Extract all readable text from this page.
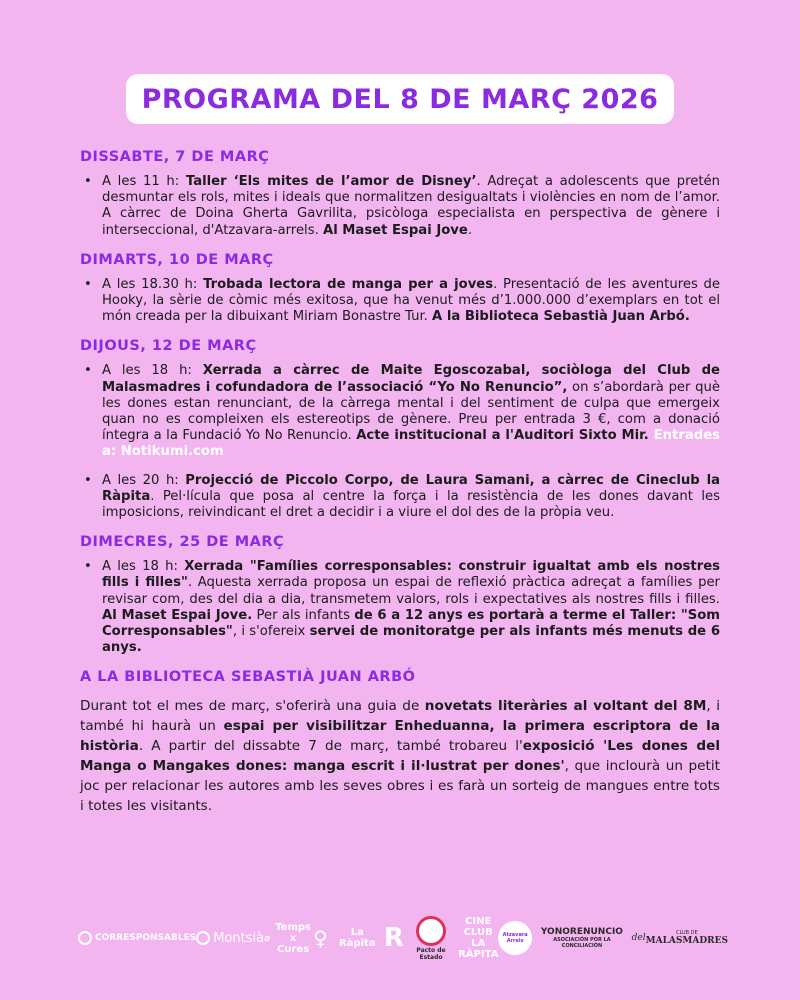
PROGRAMA DEL 8 DE MARÇ 2026
DISSABTE, 7 DE MARÇ
• A les 11 h: Taller ‘Els mites de l’amor de Disney’. Adreçat a adolescents que pretén desmuntar els rols, mites i ideals que normalitzen desigualtats i violències en nom de l’amor. A càrrec de Doina Gherta Gavrilita, psicòloga especialista en perspectiva de gènere i interseccional, d'Atzavara-arrels. Al Maset Espai Jove.
DIMARTS, 10 DE MARÇ
• A les 18.30 h: Trobada lectora de manga per a joves. Presentació de les aventures de Hooky, la sèrie de còmic més exitosa, que ha venut més d’1.000.000 d’exemplars en tot el món creada per la dibuixant Miriam Bonastre Tur. A la Biblioteca Sebastià Juan Arbó.
DIJOUS, 12 DE MARÇ
• A les 18 h: Xerrada a càrrec de Maite Egoscozabal, sociòloga del Club de Malasmadres i cofundadora de l’associació “Yo No Renuncio”, on s’abordarà per què les dones estan renunciant, de la càrrega mental i del sentiment de culpa que emergeix quan no es compleixen els estereotips de gènere. Preu per entrada 3 €, com a donació íntegra a la Fundació Yo No Renuncio. Acte institucional a l'Auditori Sixto Mir. Entrades a: Notikumi.com
• A les 20 h: Projecció de Piccolo Corpo, de Laura Samani, a càrrec de Cineclub la Ràpita. Pel·lícula que posa al centre la força i la resistència de les dones davant les imposicions, reivindicant el dret a decidir i a viure el dol des de la pròpia veu.
DIMECRES, 25 DE MARÇ
• A les 18 h: Xerrada "Famílies corresponsables: construir igualtat amb els nostres fills i filles". Aquesta xerrada proposa un espai de reflexió pràctica adreçat a famílies per revisar com, des del dia a dia, transmetem valors, rols i expectatives als nostres fills i filles. Al Maset Espai Jove. Per als infants de 6 a 12 anys es portarà a terme el Taller: "Som Corresponsables", i s'ofereix servei de monitoratge per als infants més menuts de 6 anys.
A LA BIBLIOTECA SEBASTIÀ JUAN ARBÓ

Durant tot el mes de març, s'oferirà una guia de novetats literàries al voltant del 8M, i també hi haurà un espai per visibilitzar Enheduanna, la primera escriptora de la història. A partir del dissabte 7 de març, també trobareu l'exposició 'Les dones del Manga o Mangakes dones: manga escrit i il·lustrat per dones', que inclourà un petit joc per relacionar les autores amb les seves obres i es farà un sorteig de mangues entre tots i totes les visitants.

CORRESPONSABLES Montsià ⌀
Temps x Cures ♀	La Ràpita R	Pacto de Estado
CINE CLUB LA RÀPITA
Atzavara Arrels
YONORENUNCIO
ASOCIACIÓN POR LA CONCILIACIÓN
del	CLUB DE
MALASMADRES
